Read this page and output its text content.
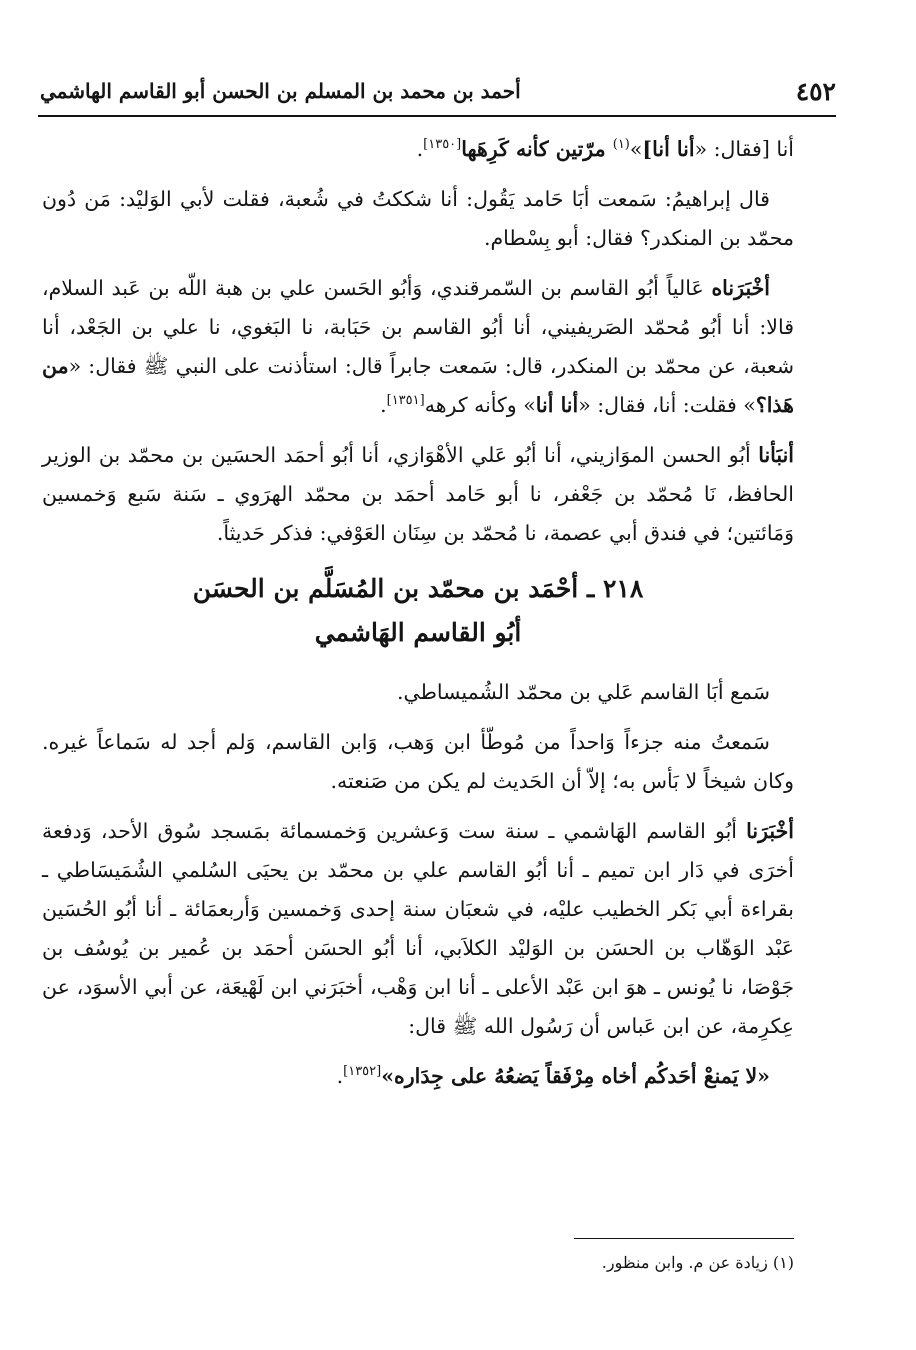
٤٥٢
أحمد بن محمد بن المسلم بن الحسن أبو القاسم الهاشمي

أنا [فقال: «أنا أنا]»$^{(١)}$ مرّتين كأنه كَرِهَها[١٣٥٠].

قال إبراهيمُ: سَمعت أبَا حَامد يَقُول: أنا شككتُ في شُعبة، فقلت لأبي الوَليْد: مَن دُون محمّد بن المنكدر؟ فقال: أبو بِسْطام.

أخْبَرَناه عَالياً أبُو القاسم بن السّمرقندي، وَأبُو الحَسن علي بن هبة اللّه بن عَبد السلام، قالا: أنا أبُو مُحمّد الصَريفيني، أنا أبُو القاسم بن حَبَابة، نا البَغوي، نا علي بن الجَعْد، أنا شعبة، عن محمّد بن المنكدر، قال: سَمعت جابراً قال: استأذنت على النبي ﷺ فقال: «من هَذا؟» فقلت: أنا، فقال: «أنا أنا» وكأنه كرهه[١٣٥١].

أنبَأنا أبُو الحسن الموَازيني، أنا أبُو عَلي الأهْوَازي، أنا أبُو أحمَد الحسَين بن محمّد بن الوزير الحافظ، نَا مُحمّد بن جَعْفر، نا أبو حَامد أحمَد بن محمّد الهرَوي ـ سَنة سَبع وَخمسين وَمَائتين؛ في فندق أبي عصمة، نا مُحمّد بن سِنَان العَوْفي: فذكر حَديثاً.

٢١٨ ـ أحْمَد بن محمّد بن المُسَلَّم بن الحسَن
أبُو القاسم الهَاشمي

سَمع أبَا القاسم عَلي بن محمّد الشُميساطي.

سَمعتُ منه جزءاً وَاحداً من مُوطّأ ابن وَهب، وَابن القاسم، وَلم أجد له سَماعاً غيره. وكان شيخاً لا بَأس به؛ إلاّ أن الحَديث لم يكن من صَنعته.

أخْبَرَنا أبُو القاسم الهَاشمي ـ سنة ست وَعشرين وَخمسمائة بمَسجد سُوق الأحد، وَدفعة أخرَى في دَار ابن تميم ـ أنا أبُو القاسم علي بن محمّد بن يحيَى السُلمي الشُمَيسَاطي ـ بقراءة أبي بَكر الخطيب عليْه، في شعبَان سنة إحدى وَخمسين وَأربعمَائة ـ أنا أبُو الحُسَين عَبْد الوَهّاب بن الحسَن بن الوَليْد الكلاَبي، أنا أبُو الحسَن أحمَد بن عُمير بن يُوسُف بن جَوْصَا، نا يُونس ـ هوَ ابن عَبْد الأعلى ـ أنا ابن وَهْب، أخبَرَني ابن لَهْيعَة، عن أبي الأسوَد، عن عِكرِمة، عن ابن عَباس أن رَسُول الله ﷺ قال:

«لا يَمنعْ أحَدكُم أخاه مِرْفَقاً يَضعُهُ على جِدَاره»[١٣٥٢].

(١) زيادة عن م. وابن منظور.
